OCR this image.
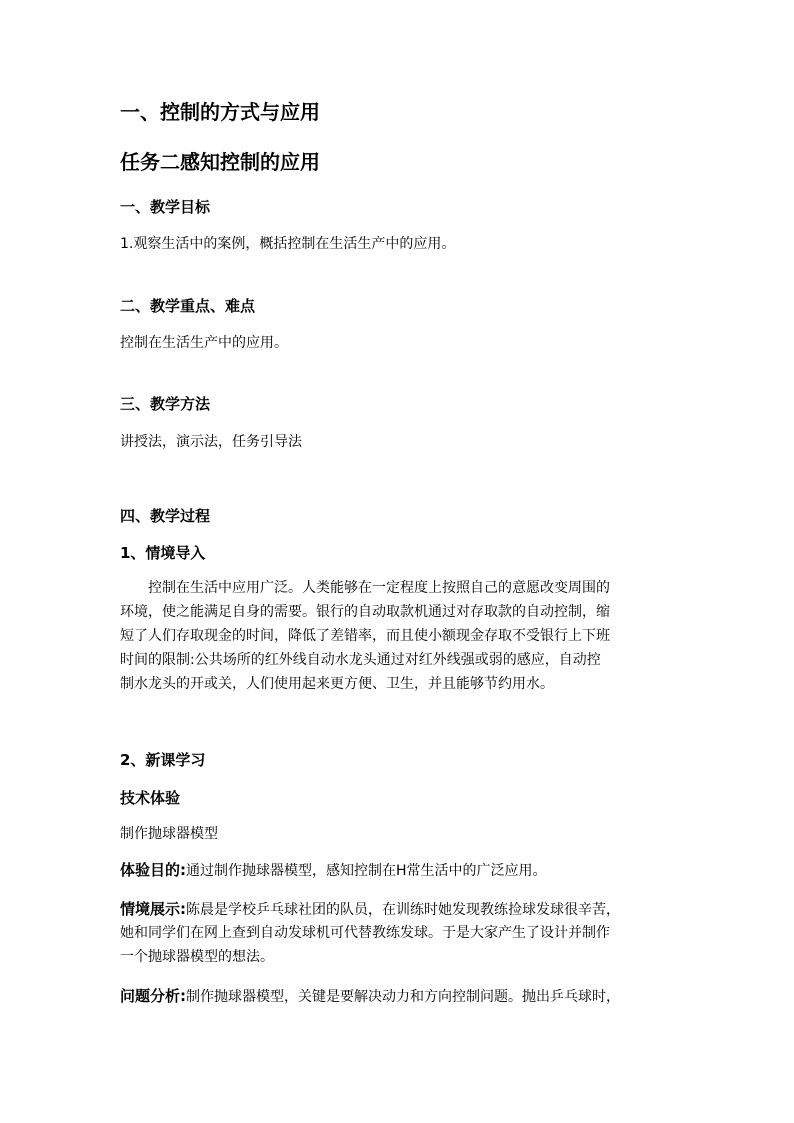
一、控制的方式与应用
任务二感知控制的应用
一、教学目标
1.观察生活中的案例，概括控制在生活生产中的应用。
二、教学重点、难点
控制在生活生产中的应用。
三、教学方法
讲授法，演示法，任务引导法
四、教学过程
1、情境导入
　　控制在生活中应用广泛。人类能够在一定程度上按照自己的意愿改变周围的
环境，使之能满足自身的需要。银行的自动取款机通过对存取款的自动控制，缩
短了人们存取现金的时间，降低了差错率，而且使小额现金存取不受银行上下班
时间的限制:公共场所的红外线自动水龙头通过对红外线强或弱的感应，自动控
制水龙头的开或关，人们使用起来更方便、卫生，并且能够节约用水。
2、新课学习
技术体验
制作抛球器模型
体验目的:通过制作抛球器模型，感知控制在H常生活中的广泛应用。
情境展示:陈晨是学校乒乓球社团的队员，在训练时她发现教练捡球发球很辛苦，
她和同学们在网上查到自动发球机可代替教练发球。于是大家产生了设计并制作
一个抛球器模型的想法。
问题分析:制作抛球器模型，关键是要解决动力和方向控制问题。抛出乒乓球时，
